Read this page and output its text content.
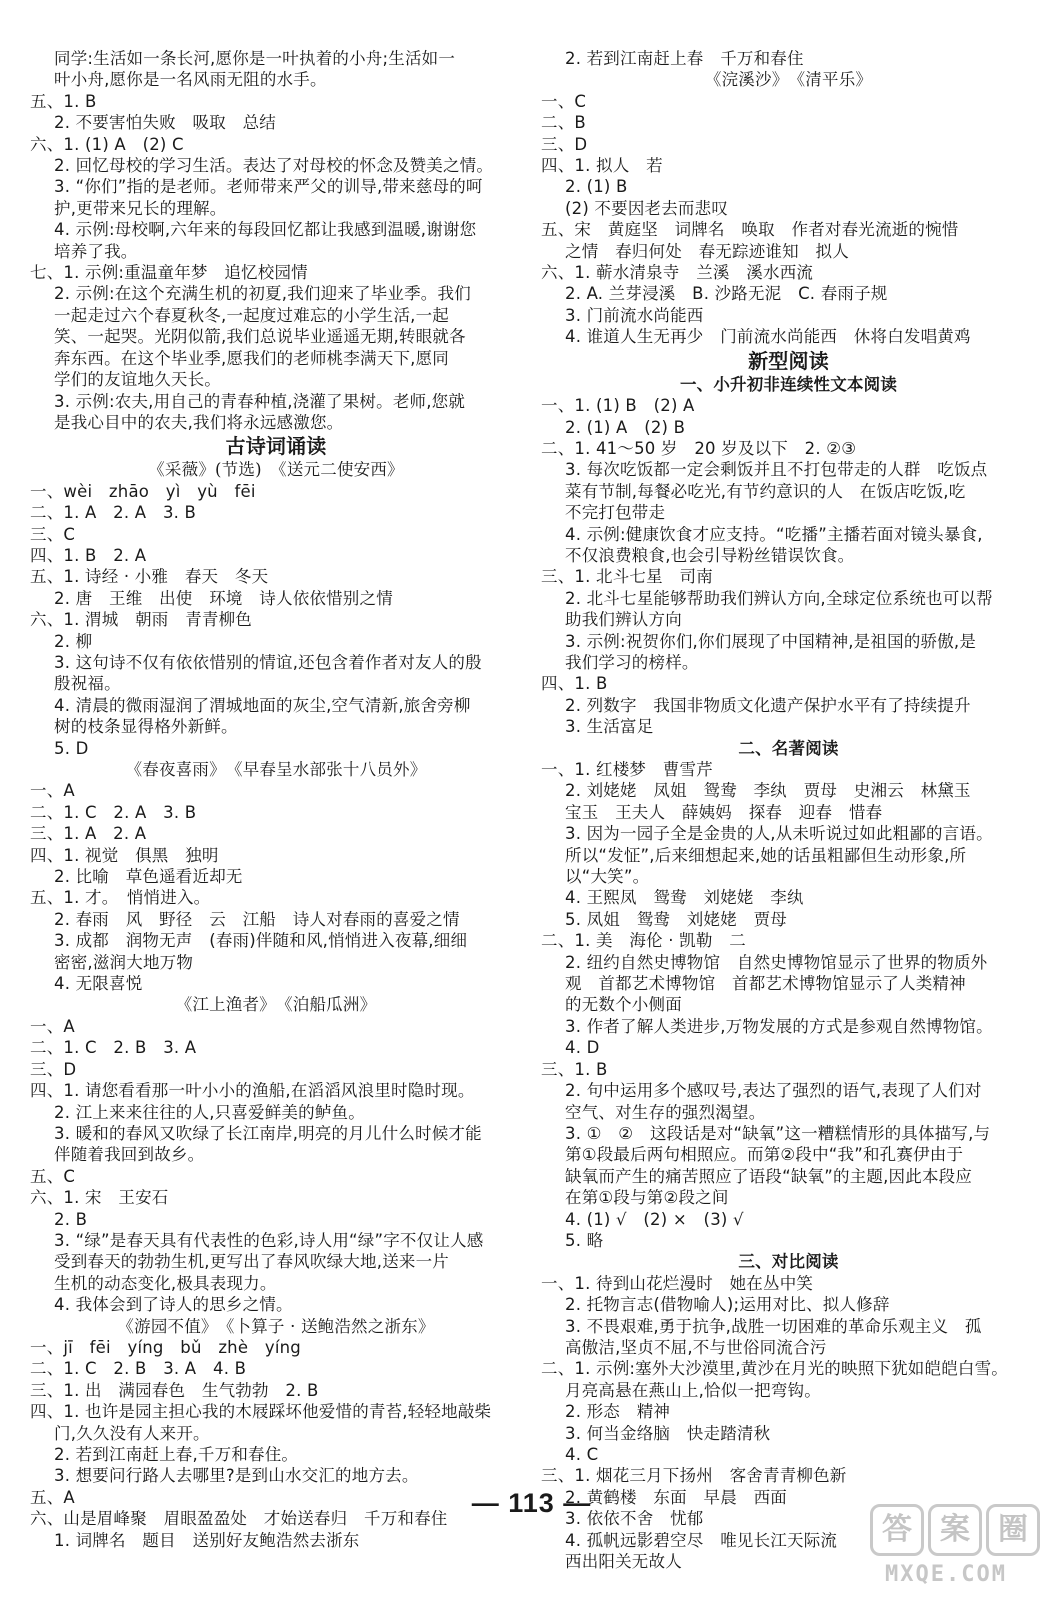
同学:生活如一条长河,愿你是一叶执着的小舟;生活如一
叶小舟,愿你是一名风雨无阻的水手。
五、1. B
2. 不要害怕失败　吸取　总结
六、1. (1) A　(2) C
2. 回忆母校的学习生活。表达了对母校的怀念及赞美之情。
3. “你们”指的是老师。老师带来严父的训导,带来慈母的呵
护,更带来兄长的理解。
4. 示例:母校啊,六年来的每段回忆都让我感到温暖,谢谢您
培养了我。
七、1. 示例:重温童年梦　追忆校园情
2. 示例:在这个充满生机的初夏,我们迎来了毕业季。我们
一起走过六个春夏秋冬,一起度过难忘的小学生活,一起
笑、一起哭。光阴似箭,我们总说毕业遥遥无期,转眼就各
奔东西。在这个毕业季,愿我们的老师桃李满天下,愿同
学们的友谊地久天长。
3. 示例:农夫,用自己的青春种植,浇灌了果树。老师,您就
是我心目中的农夫,我们将永远感激您。
古诗词诵读
《采薇》(节选)　《送元二使安西》
一、wèi　zhāo　yì　yù　fēi
二、1. A　2. A　3. B
三、C
四、1. B　2. A
五、1. 诗经 · 小雅　春天　冬天
2. 唐　王维　出使　环境　诗人依依惜别之情
六、1. 渭城　朝雨　青青柳色
2. 柳
3. 这句诗不仅有依依惜别的情谊,还包含着作者对友人的殷
殷祝福。
4. 清晨的微雨湿润了渭城地面的灰尘,空气清新,旅舍旁柳
树的枝条显得格外新鲜。
5. D
《春夜喜雨》　《早春呈水部张十八员外》
一、A
二、1. C　2. A　3. B
三、1. A　2. A
四、1. 视觉　俱黑　独明
2. 比喻　草色遥看近却无
五、1. 才。　悄悄进入。
2. 春雨　风　野径　云　江船　诗人对春雨的喜爱之情
3. 成都　润物无声　(春雨)伴随和风,悄悄进入夜幕,细细
密密,滋润大地万物
4. 无限喜悦
《江上渔者》　《泊船瓜洲》
一、A
二、1. C　2. B　3. A
三、D
四、1. 请您看看那一叶小小的渔船,在滔滔风浪里时隐时现。
2. 江上来来往往的人,只喜爱鲜美的鲈鱼。
3. 暖和的春风又吹绿了长江南岸,明亮的月儿什么时候才能
伴随着我回到故乡。
五、C
六、1. 宋　王安石
2. B
3. “绿”是春天具有代表性的色彩,诗人用“绿”字不仅让人感
受到春天的勃勃生机,更写出了春风吹绿大地,送来一片
生机的动态变化,极具表现力。
4. 我体会到了诗人的思乡之情。
《游园不值》　《卜算子 · 送鲍浩然之浙东》
一、jī　fēi　yíng　bǔ　zhè　yíng
二、1. C　2. B　3. A　4. B
三、1. 出　满园春色　生气勃勃　2. B
四、1. 也许是园主担心我的木屐踩坏他爱惜的青苔,轻轻地敲柴
门,久久没有人来开。
2. 若到江南赶上春,千万和春住。
3. 想要问行路人去哪里?是到山水交汇的地方去。
五、A
六、山是眉峰聚　眉眼盈盈处　才始送春归　千万和春住
1. 词牌名　题目　送别好友鲍浩然去浙东
2. 若到江南赶上春　千万和春住
《浣溪沙》　《清平乐》
一、C
二、B
三、D
四、1. 拟人　若
2. (1) B
(2) 不要因老去而悲叹
五、宋　黄庭坚　词牌名　唤取　作者对春光流逝的惋惜
之情　春归何处　春无踪迹谁知　拟人
六、1. 蕲水清泉寺　兰溪　溪水西流
2. A. 兰芽浸溪　B. 沙路无泥　C. 春雨子规
3. 门前流水尚能西
4. 谁道人生无再少　门前流水尚能西　休将白发唱黄鸡
新型阅读
一、小升初非连续性文本阅读
一、1. (1) B　(2) A
2. (1) A　(2) B
二、1. 41～50 岁　20 岁及以下　2. ②③
3. 每次吃饭都一定会剩饭并且不打包带走的人群　吃饭点
菜有节制,每餐必吃光,有节约意识的人　在饭店吃饭,吃
不完打包带走
4. 示例:健康饮食才应支持。“吃播”主播若面对镜头暴食,
不仅浪费粮食,也会引导粉丝错误饮食。
三、1. 北斗七星　司南
2. 北斗七星能够帮助我们辨认方向,全球定位系统也可以帮
助我们辨认方向
3. 示例:祝贺你们,你们展现了中国精神,是祖国的骄傲,是
我们学习的榜样。
四、1. B
2. 列数字　我国非物质文化遗产保护水平有了持续提升
3. 生活富足
二、名著阅读
一、1. 红楼梦　曹雪芹
2. 刘姥姥　凤姐　鸳鸯　李纨　贾母　史湘云　林黛玉
宝玉　王夫人　薛姨妈　探春　迎春　惜春
3. 因为一园子全是金贵的人,从未听说过如此粗鄙的言语。
所以“发怔”,后来细想起来,她的话虽粗鄙但生动形象,所
以“大笑”。
4. 王熙凤　鸳鸯　刘姥姥　李纨
5. 凤姐　鸳鸯　刘姥姥　贾母
二、1. 美　海伦 · 凯勒　二
2. 纽约自然史博物馆　自然史博物馆显示了世界的物质外
观　首都艺术博物馆　首都艺术博物馆显示了人类精神
的无数个小侧面
3. 作者了解人类进步,万物发展的方式是参观自然博物馆。
4. D
三、1. B
2. 句中运用多个感叹号,表达了强烈的语气,表现了人们对
空气、对生存的强烈渴望。
3. ①　②　这段话是对“缺氧”这一糟糕情形的具体描写,与
第①段最后两句相照应。而第②段中“我”和孔赛伊由于
缺氧而产生的痛苦照应了语段“缺氧”的主题,因此本段应
在第①段与第②段之间
4. (1) √　(2) ×　(3) √
5. 略
三、对比阅读
一、1. 待到山花烂漫时　她在丛中笑
2. 托物言志(借物喻人);运用对比、拟人修辞
3. 不畏艰难,勇于抗争,战胜一切困难的革命乐观主义　孤
高傲洁,坚贞不屈,不与世俗同流合污
二、1. 示例:塞外大沙漠里,黄沙在月光的映照下犹如皑皑白雪。
月亮高悬在燕山上,恰似一把弯钩。
2. 形态　精神
3. 何当金络脑　快走踏清秋
4. C
三、1. 烟花三月下扬州　客舍青青柳色新
2. 黄鹤楼　东面　早晨　西面
3. 依依不舍　忧郁
4. 孤帆远影碧空尽　唯见长江天际流
西出阳关无故人
— 113 —
答 案 圈
MXQE.COM
